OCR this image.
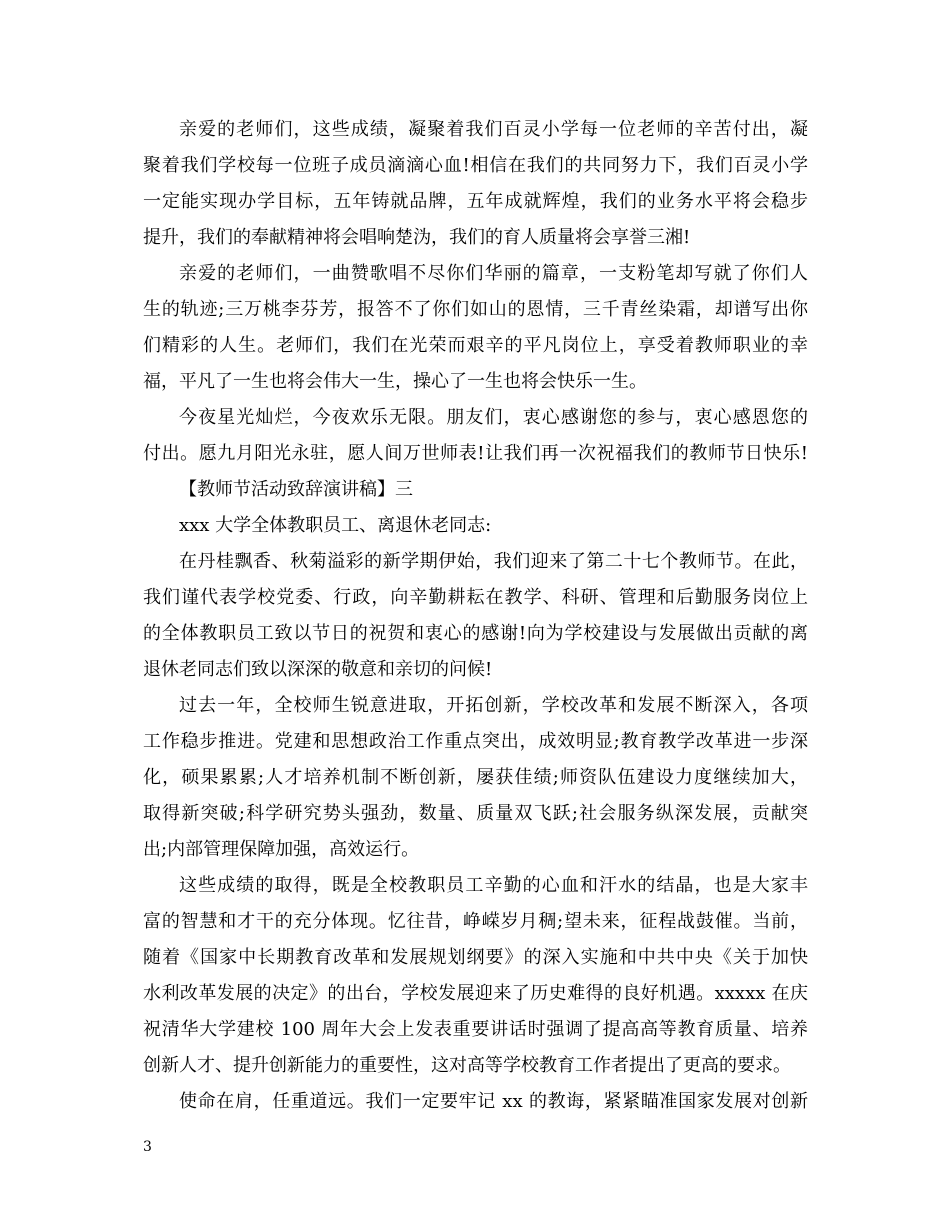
亲爱的老师们，这些成绩，凝聚着我们百灵小学每一位老师的辛苦付出，凝
聚着我们学校每一位班子成员滴滴心血!相信在我们的共同努力下，我们百灵小学
一定能实现办学目标，五年铸就品牌，五年成就辉煌，我们的业务水平将会稳步
提升，我们的奉献精神将会唱响楚沩，我们的育人质量将会享誉三湘!
亲爱的老师们，一曲赞歌唱不尽你们华丽的篇章，一支粉笔却写就了你们人
生的轨迹;三万桃李芬芳，报答不了你们如山的恩情，三千青丝染霜，却谱写出你
们精彩的人生。老师们，我们在光荣而艰辛的平凡岗位上，享受着教师职业的幸
福，平凡了一生也将会伟大一生，操心了一生也将会快乐一生。
今夜星光灿烂，今夜欢乐无限。朋友们，衷心感谢您的参与，衷心感恩您的
付出。愿九月阳光永驻，愿人间万世师表!让我们再一次祝福我们的教师节日快乐!
【教师节活动致辞演讲稿】三
xxx 大学全体教职员工、离退休老同志:
在丹桂飘香、秋菊溢彩的新学期伊始，我们迎来了第二十七个教师节。在此，
我们谨代表学校党委、行政，向辛勤耕耘在教学、科研、管理和后勤服务岗位上
的全体教职员工致以节日的祝贺和衷心的感谢!向为学校建设与发展做出贡献的离
退休老同志们致以深深的敬意和亲切的问候!
过去一年，全校师生锐意进取，开拓创新，学校改革和发展不断深入，各项
工作稳步推进。党建和思想政治工作重点突出，成效明显;教育教学改革进一步深
化，硕果累累;人才培养机制不断创新，屡获佳绩;师资队伍建设力度继续加大，
取得新突破;科学研究势头强劲，数量、质量双飞跃;社会服务纵深发展，贡献突
出;内部管理保障加强，高效运行。
这些成绩的取得，既是全校教职员工辛勤的心血和汗水的结晶，也是大家丰
富的智慧和才干的充分体现。忆往昔，峥嵘岁月稠;望未来，征程战鼓催。当前，
随着《国家中长期教育改革和发展规划纲要》的深入实施和中共中央《关于加快
水利改革发展的决定》的出台，学校发展迎来了历史难得的良好机遇。xxxxx 在庆
祝清华大学建校 100 周年大会上发表重要讲话时强调了提高高等教育质量、培养
创新人才、提升创新能力的重要性，这对高等学校教育工作者提出了更高的要求。
使命在肩，任重道远。我们一定要牢记 xx 的教诲，紧紧瞄准国家发展对创新
3
